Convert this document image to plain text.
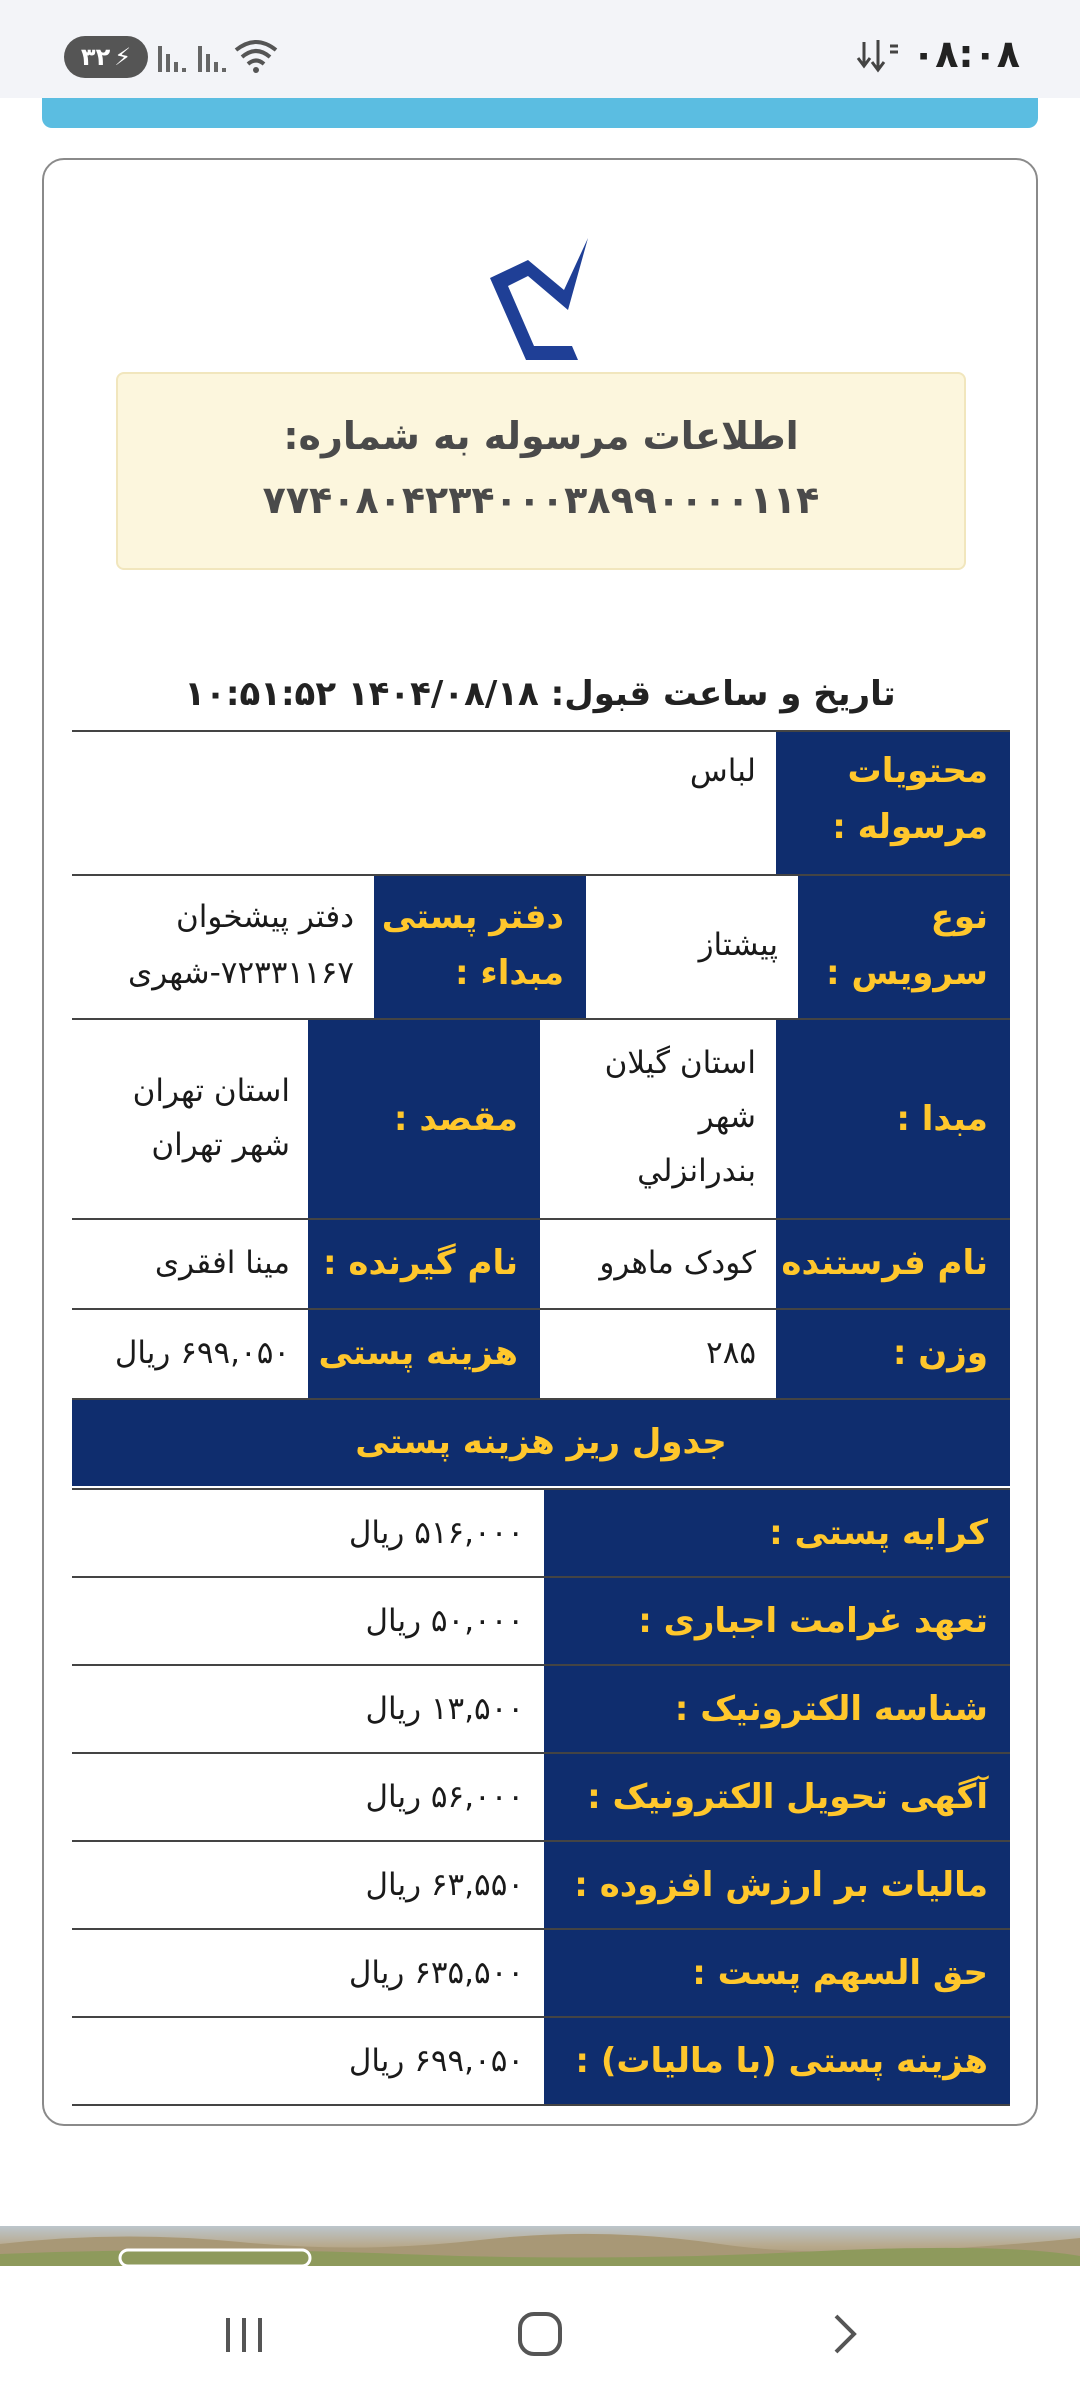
۰۸:۰۸
۳۲ ⚡
اطلاعات مرسوله به شماره:
۷۷۴۰۸۰۴۲۳۴۰۰۰۳۸۹۹۰۰۰۰۱۱۴
تاریخ و ساعت قبول: ۱۴۰۴/۰۸/۱۸ ۱۰:۵۱:۵۲
محتویات
مرسوله :
لباس
نوع
سرویس :
پیشتاز
دفتر پستی
مبداء :
دفتر پیشخوان
۷۲۳۳۱۱۶۷-شهری
مبدا :
استان گیلان
شهر
بندرانزلي
مقصد :
استان تهران
شهر تهران
نام فرستنده
کودک ماهرو
نام گیرنده :
مینا افقری
وزن :
۲۸۵
هزینه پستی
۶۹۹,۰۵۰ ریال
جدول ریز هزینه پستی
کرایه پستی :
۵۱۶,۰۰۰ ریال
تعهد غرامت اجباری :
۵۰,۰۰۰ ریال
شناسه الکترونیک :
۱۳,۵۰۰ ریال
آگهی تحویل الکترونیک :
۵۶,۰۰۰ ریال
مالیات بر ارزش افزوده :
۶۳,۵۵۰ ریال
حق السهم پست :
۶۳۵,۵۰۰ ریال
هزینه پستی (با مالیات) :
۶۹۹,۰۵۰ ریال
